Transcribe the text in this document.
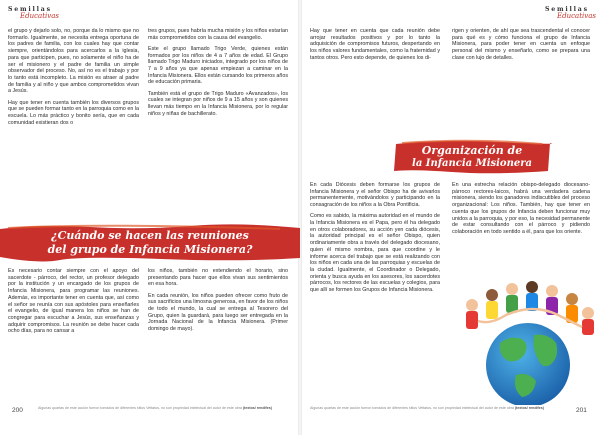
Semillas
Educativas

el grupo y dejarlo solo, no, porque da lo mismo que no formarlo. Igualmente, se necesita entrega oportuna de los padres de familia, con los cuales hay que contar siempre, orientándolos para acercarlos a la iglesia, para que participen, pues, no solamente el niño ha de ser el misionero y el padre de familia un simple observador del proceso. No, así no es el trabajo y por lo tanto está incompleto. La misión es atraer al padre de familia y al niño y que ambos comprometidos vivan a Jesús.

Hay que tener en cuenta también los diversos grupos que se pueden formar tanto en la parroquia como en la escuela. Lo más práctico y bonito sería, que en cada comunidad existieran dos o

tres grupos, pues habría mucha misión y los niños estarían más comprometidos con la causa del evangelio.

Este el grupo llamado Trigo Verde, quienes están formados por los niños de 4 a 7 años de edad. El Grupo llamado Trigo Maduro iniciados, integrado por los niños de 7 a 9 años ya que apenas empiezan a caminar en la Infancia Misionera. Ellos están cursando los primeros años de educación primaria.

También está el grupo de Trigo Maduro «Avanzados», los cuales se integran por niños de 9 a 15 años y son quienes llevan más tiempo en la Infancia Misionera, por lo regular niños y niñas de bachillerato.

¿Cuándo se hacen las reuniones
del grupo de Infancia Misionera?

Es necesario contar siempre con el apoyo del sacerdote - párroco, del rector, un profesor delegado por la institución y un encargado de los grupos de Infancia Misionera, para programar las reuniones. Además, es importante tener en cuenta que, así como el señor se reunía con sus apóstoles para enseñarles el evangelio, de igual manera los niños se han de congregar para escuchar a Jesús, sus enseñanzas y adquirir compromisos. La reunión se debe hacer cada ocho días, para no cansar a

los niños, también no extendiendo el horario, sino presentando para hacer que ellos vivan sus sentimientos en esa hora.

En cada reunión, los niños pueden ofrecer como fruto de sus sacrificios una limosna generosa, en favor de los niños de todo el mundo, la cual se entrega al Tesorero del Grupo, quien la guardará, para luego ser entregada en la Jornada Nacional de la Infancia Misionera. (Primer domingo de mayo).

200	Algunas quartas de este acción fueron tomados de diferentes sitios Vettatos, no son propiedad intelectual del autor de este obra (textos/ rendifes)
Semillas
Educativas

Hay que tener en cuenta que cada reunión debe arrojar resultados positivos y por lo tanto la adquisición de compromisos futuros, despertando en los niños valores fundamentales, como la fraternidad y tantos otros. Pero esto depende, de quienes los di-

rigen y orienten, de ahí que sea trascendental el conocer para qué es y cómo funciona el grupo de Infancia Misionera, para poder tener en cuenta un enfoque personal del mismo y enseñarlo, como se prepara una clase con lujo de detalles.

Organización de
la Infancia Misionera

En cada Diócesis deben formarse los grupos de Infancia Misionera y el señor Obispo ha de avivarlos permanentemente, motivándolos y participando en la consagración de los niños a la Obra Pontificia.

Como es sabido, la máxima autoridad en el mundo de la Infancia Misionera es el Papa, pero él ha delegado en otros colaboradores, su acción yen cada diócesis, la autoridad principal es el señor Obispo, quien ordinariamente obra a través del delegado diocesano, quien él mismo nombra, para que coordine y le informe acerca del trabajo que se está realizando con los niños en cada una de las parroquias y escuelas de la ciudad. Igualmente, el Coordinador o Delegado, orienta y busca ayuda en los asesores, los sacerdotes párrocos, los rectores de las escuelas y colegios, para que allí se formen los Grupos de Infancia Misionera.

En una estrecha relación obispo-delegado diocesano-párroco rectores-laicos, habrá una verdadera cadena misionera, siendo los ganadores indiscutibles del proceso organizacional: Los niños. También, hay que tener en cuenta que los grupos de Infancia deben funcionar muy unidos a la parroquia, y por eso, la necesidad permanente de estar consultando con el párroco y pidiendo colaboración en todo sentido a él, para que los oriente.

Algunas quartas de este acción fueron tomados de diferentes sitios Vettatos, no son propiedad intelectual del autor de este obra (textos/ rendifes)	201
